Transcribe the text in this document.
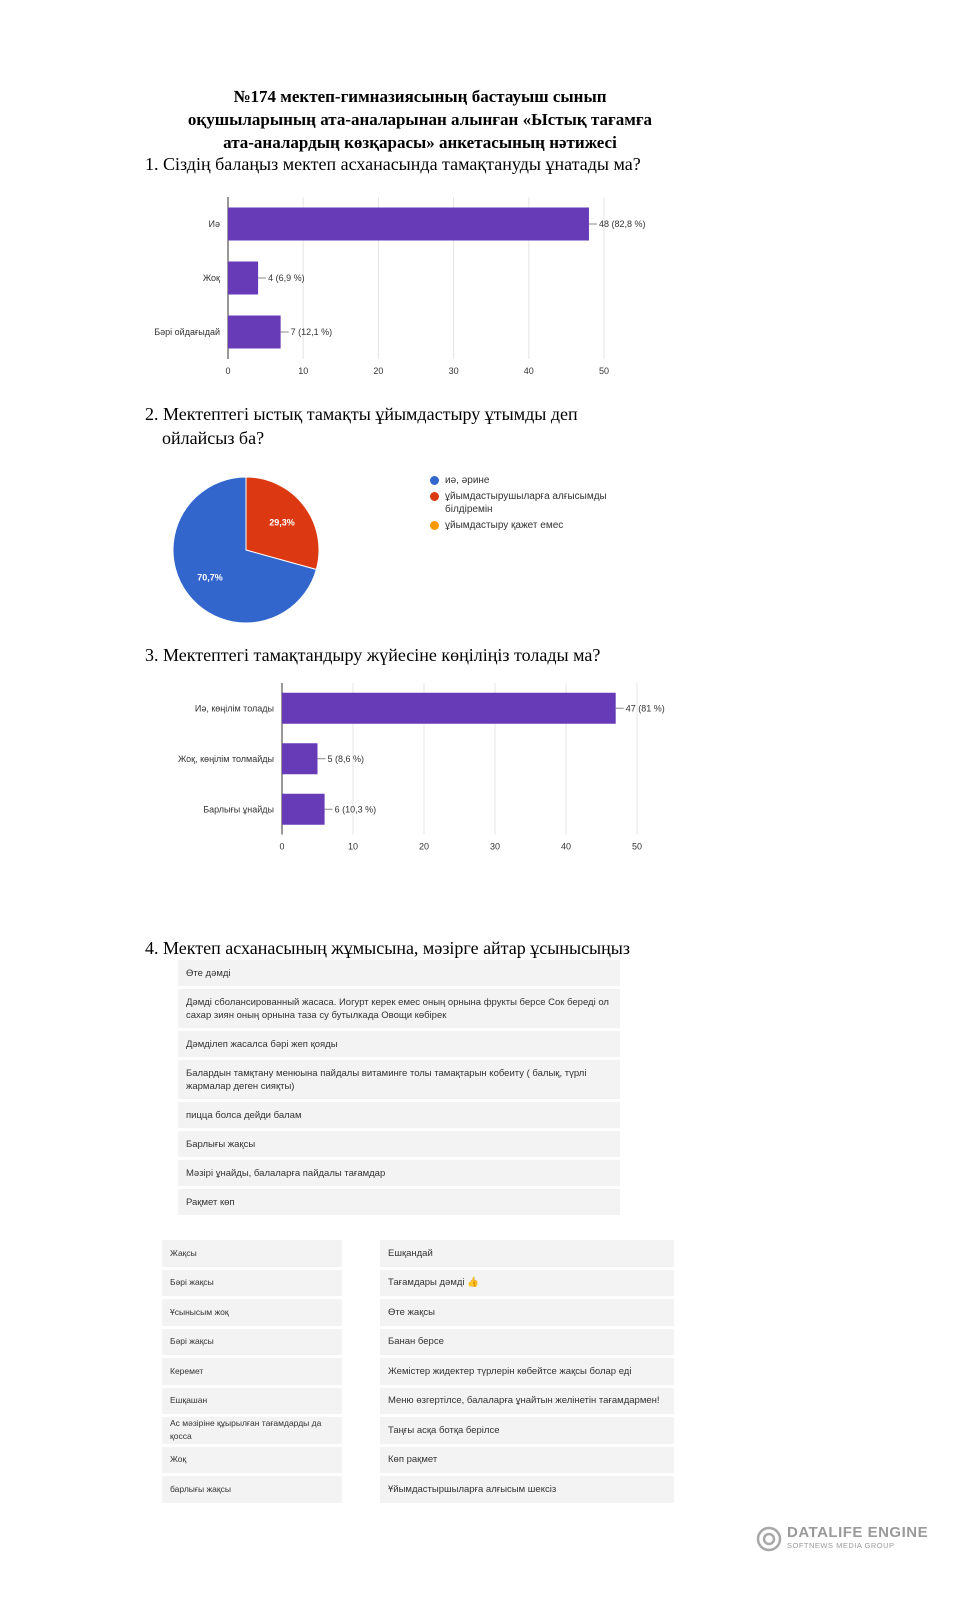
№174 мектеп-гимназиясының бастауыш сынып
оқушыларының ата-аналарынан алынған «Ыстық тағамға
ата-аналардың көзқарасы» анкетасының нәтижесі

1. Сіздің балаңыз мектеп асханасында тамақтануды ұнатады ма?

0	10	20	30	40	50
Иә	48 (82,8 %)
Жоқ	4 (6,9 %)
Бәрі ойдағыдай	7 (12,1 %)

2. Мектептегі ыстық тамақты ұйымдастыру ұтымды деп

ойлайсыз ба?

29,3%
70,7%
иә, әрине
ұйымдастырушыларға алғысымды білдіремін
ұйымдастыру қажет емес

3. Мектептегі тамақтандыру жүйесіне көңіліңіз толады ма?

0	10	20	30	40	50
Иә, көңілім толады	47 (81 %)
Жоқ, көңілім толмайды	5 (8,6 %)
Барлығы ұнайды	6 (10,3 %)

4. Мектеп асханасының жұмысына, мәзірге айтар ұсынысыңыз

Өте дәмді
Дәмді сболансированный жасаса. Иогурт керек емес оның орнына фрукты берсе Сок береді ол сахар зиян оның орнына таза су бутылкада Овощи көбірек
Дәмділеп жасалса бәрі жеп қояды
Балардын тамқтану менюына пайдалы витаминге толы тамақтарын кобеиту ( балық, түрлі жармалар деген сияқты)
пицца болса дейди балам
Барлығы жақсы
Мәзірі ұнайды, балаларға пайдалы тағамдар
Рақмет көп
Жақсы
Бәрі жақсы
Ұсынысым жоқ
Бәрі жақсы
Керемет
Ешқашан
Ас мәзіріне құырылған тағамдарды да қосса
Жоқ
барлығы жақсы
Ешқандай
Тағамдары дәмді 👍
Өте жақсы
Банан берсе
Жемістер жидектер түрлерін көбейтсе жақсы болар еді
Меню өзгертілсе, балаларға ұнайтын желінетін тағамдармен!
Таңғы асқа ботқа берілсе
Көп рақмет
Ұйымдастыршыларға алғысым шексіз
DATALIFE ENGINE
SOFTNEWS MEDIA GROUP
